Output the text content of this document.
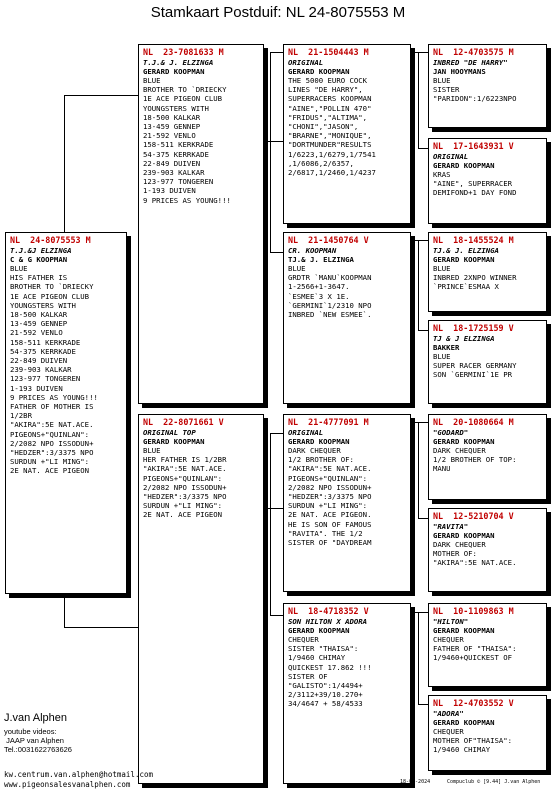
Stamkaart Postduif: NL 24-8075553 M
NL  24-8075553 M
T.J.&J ELZINGA
C & G KOOPMAN
BLUE
HIS FATHER IS
BROTHER TO `DRIECKY
1E ACE PIGEON CLUB
YOUNGSTERS WITH
18-500 KALKAR
13-459 GENNEP
21-592 VENLO
158-511 KERKRADE
54-375 KERRKADE
22-849 DUIVEN
239-903 KALKAR
123-977 TONGEREN
1-193 DUIVEN
9 PRICES AS YOUNG!!!
FATHER OF MOTHER IS
1/2BR
"AKIRA":5E NAT.ACE.
PIGEONS+"QUINLAN":
2/2082 NPO ISSODUN+
"HEDZER":3/3375 NPO
SURDUN +"LI MING":
2E NAT. ACE PIGEON
NL  23-7081633 M
T.J.& J. ELZINGA
GERARD KOOPMAN
BLUE
BROTHER TO `DRIECKY
1E ACE PIGEON CLUB
YOUNGSTERS WITH
18-500 KALKAR
13-459 GENNEP
21-592 VENLO
158-511 KERKRADE
54-375 KERRKADE
22-849 DUIVEN
239-903 KALKAR
123-977 TONGEREN
1-193 DUIVEN
9 PRICES AS YOUNG!!!
NL  22-8071661 V
ORIGINAL TOP
GERARD KOOPMAN
BLUE
HER FATHER IS 1/2BR
"AKIRA":5E NAT.ACE.
PIGEONS+"QUINLAN":
2/2082 NPO ISSODUN+
"HEDZER":3/3375 NPO
SURDUN +"LI MING":
2E NAT. ACE PIGEON
NL  21-1504443 M
ORIGINAL
GERARD KOOPMAN
THE 5000 EURO COCK
LINES "DE HARRY",
SUPERRACERS KOOPMAN
"AINE","POLLIN 470"
"FRIDUS","ALTIMA",
"CHONI","JASON",
"BRARNE","MONIQUE",
"DORTMUNDER"RESULTS
1/6223,1/6279,1/7541
,1/6086,2/6357,
2/6817,1/2460,1/4237
NL  21-1450764 V
CR. KOOPMAN
TJ.& J. ELZINGA
BLUE
GRDTR `MANU`KOOPMAN
1-2566+1-3647.
`ESMEE`3 X 1E.
`GERMINI`1/2310 NPO
INBRED `NEW ESMEE`.
NL  21-4777091 M
ORIGINAL
GERARD KOOPMAN
DARK CHEQUER
1/2 BROTHER OF:
"AKIRA":5E NAT.ACE.
PIGEONS+"QUINLAN":
2/2082 NPO ISSODUN+
"HEDZER":3/3375 NPO
SURDUN +"LI MING":
2E NAT. ACE PIGEON.
HE IS SON OF FAMOUS
"RAVITA". THE 1/2
SISTER OF "DAYDREAM
NL  18-4718352 V
SON HILTON X ADORA
GERARD KOOPMAN
CHEQUER
SISTER "THAISA":
1/9460 CHIMAY
QUICKEST 17.862 !!!
SISTER OF
"GALISTO":1/4494+
2/3112+39/10.270+
34/4647 + 58/4533
NL  12-4703575 M
INBRED "DE HARRY"
JAN HOOYMANS
BLUE
SISTER
"PARIDON":1/6223NPO
NL  17-1643931 V
ORIGINAL
GERARD KOOPMAN
KRAS
"AINE", SUPERRACER
DEMIFOND+1 DAY FOND
NL  18-1455524 M
TJ.& J. ELZINGA
GERARD KOOPMAN
BLUE
INBRED 2XNPO WINNER
`PRINCE`ESMAA X
NL  18-1725159 V
TJ & J ELZINGA
BAKKER
BLUE
SUPER RACER GERMANY
SON `GERMINI`1E PR
NL  20-1080664 M
"GODARD"
GERARD KOOPMAN
DARK CHEQUER
1/2 BROTHER OF TOP:
MANU
NL  12-5210704 V
"RAVITA"
GERARD KOOPMAN
DARK CHEQUER
MOTHER OF:
"AKIRA":5E NAT.ACE.
NL  10-1109863 M
"HILTON"
GERARD KOOPMAN
CHEQUER
FATHER OF "THAISA":
1/9460+QUICKEST OF
NL  12-4703552 V
"ADORA"
GERARD KOOPMAN
CHEQUER
MOTHER OF"THAISA":
1/9460 CHIMAY
J.van Alphen
youtube videos:
JAAP van Alphen
Tel.:0031622763626
kw.centrum.van.alphen@hotmail.com
www.pigeonsalesvanalphen.com	18-08-2024	Compuclub © [9.44] J.van Alphen
